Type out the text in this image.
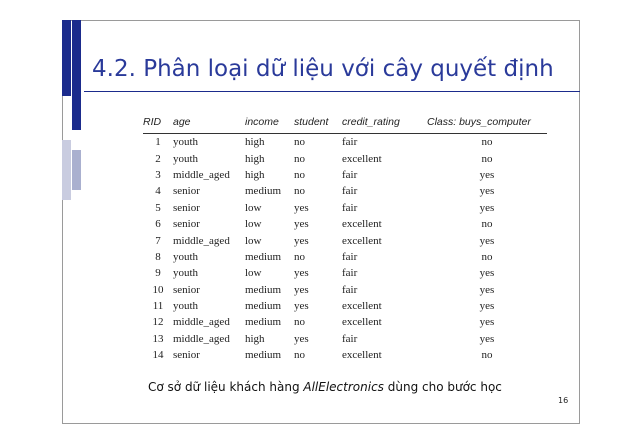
4.2. Phân loại dữ liệu với cây quyết định
RID	age	income	student	credit_rating	Class: buys_computer
1	youth	high	no	fair	no
2	youth	high	no	excellent	no
3	middle_aged	high	no	fair	yes
4	senior	medium	no	fair	yes
5	senior	low	yes	fair	yes
6	senior	low	yes	excellent	no
7	middle_aged	low	yes	excellent	yes
8	youth	medium	no	fair	no
9	youth	low	yes	fair	yes
10	senior	medium	yes	fair	yes
11	youth	medium	yes	excellent	yes
12	middle_aged	medium	no	excellent	yes
13	middle_aged	high	yes	fair	yes
14	senior	medium	no	excellent	no
Cơ sở dữ liệu khách hàng AllElectronics dùng cho bước học
16
